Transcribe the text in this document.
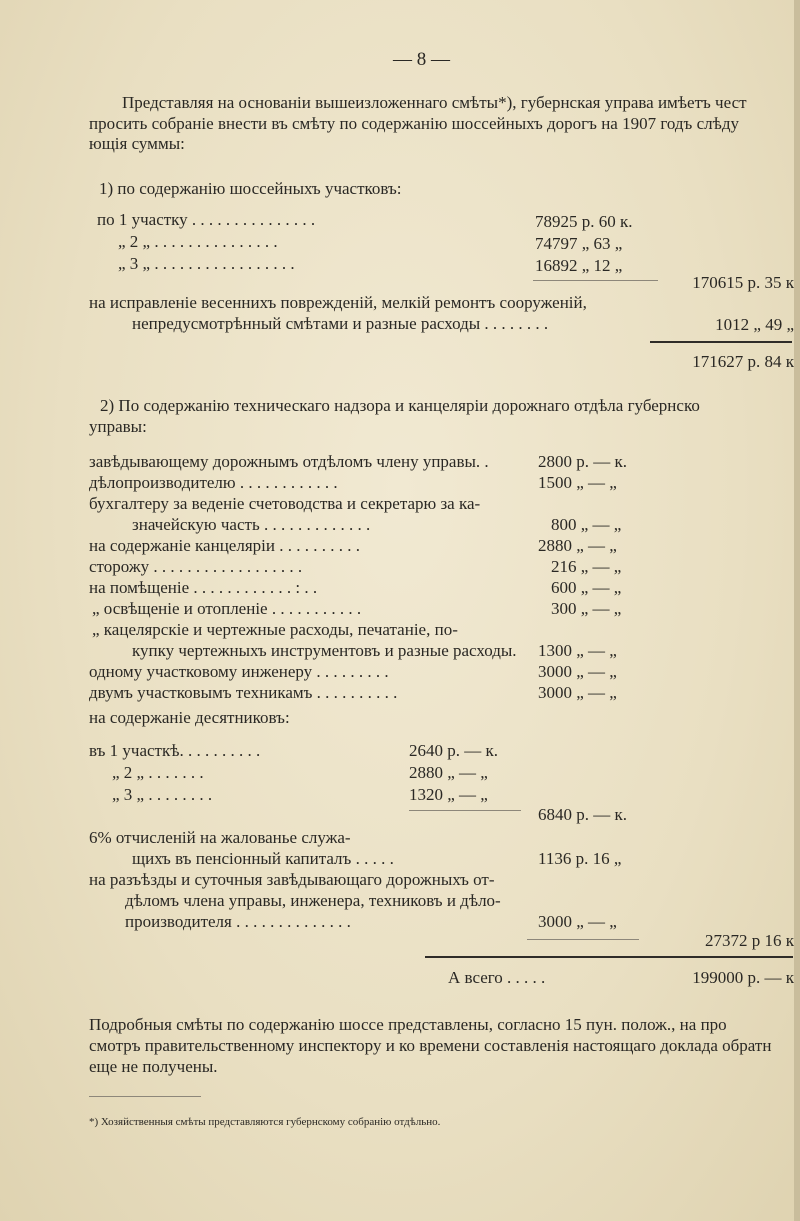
— 8 —
Представляя на основаніи вышеизложеннаго смѣты*), губернская управа имѣетъ чест
просить собраніе внести въ смѣту по содержанію шоссейныхъ дорогъ на 1907 годъ слѣду
ющія суммы:
1) по содержанію шоссейныхъ участковъ:
по 1 участку . . . . . . . . . . . . . . .	78925 р. 60 к.
„ 2 „ . . . . . . . . . . . . . . .	74797 „ 63 „
„ 3 „ . . . . . . . . . . . . . . . . .	16892 „ 12 „
170615 р. 35 к
на исправленіе весеннихъ поврежденій, мелкій ремонтъ сооруженій,
непредусмотрѣнный смѣтами и разные расходы . . . . . . . .	1012 „ 49 „
171627 р. 84 к
2) По содержанію техническаго надзора и канцеляріи дорожнаго отдѣла губернско
управы:
завѣдывающему дорожнымъ отдѣломъ члену управы. .	2800 р. — к.
дѣлопроизводителю . . . . . . . . . . . .	1500 „ — „
бухгалтеру за веденіе счетоводства и секретарю за ка-
значейскую часть . . . . . . . . . . . . .	800 „ — „
на содержаніе канцеляріи . . . . . . . . . .	2880 „ — „
сторожу . . . . . . . . . . . . . . . . . .	216 „ — „
на помѣщеніе . . . . . . . . . . . . : . .	600 „ — „
„ освѣщеніе и отопленіе . . . . . . . . . . .	300 „ — „
„ кацелярскіе и чертежные расходы, печатаніе, по-
купку чертежныхъ инструментовъ и разные расходы. 1300 „ — „
одному участковому инженеру . . . . . . . . .	3000 „ — „
двумъ участковымъ техникамъ . . . . . . . . . .	3000 „ — „
на содержаніе десятниковъ:
въ 1 участкѣ. . . . . . . . . .	2640 р. — к.
„ 2 „ . . . . . . .	2880 „ — „
„ 3 „ . . . . . . . .	1320 „ — „
6840 р. — к.
6% отчисленій на жалованье служа-
щихъ въ пенсіонный капиталъ . . . . .	1136 р. 16 „
на разъѣзды и суточныя завѣдывающаго дорожныхъ от-
дѣломъ члена управы, инженера, техниковъ и дѣло-
производителя . . . . . . . . . . . . . .	3000 „ — „
27372 р 16 к
А всего . . . . .	199000 р. — к
Подробныя смѣты по содержанію шоссе представлены, согласно 15 пун. полож., на про
смотръ правительственному инспектору и ко времени составленія настоящаго доклада обратн
еще не получены.
*) Хозяйственныя смѣты представляются губернскому собранію отдѣльно.
